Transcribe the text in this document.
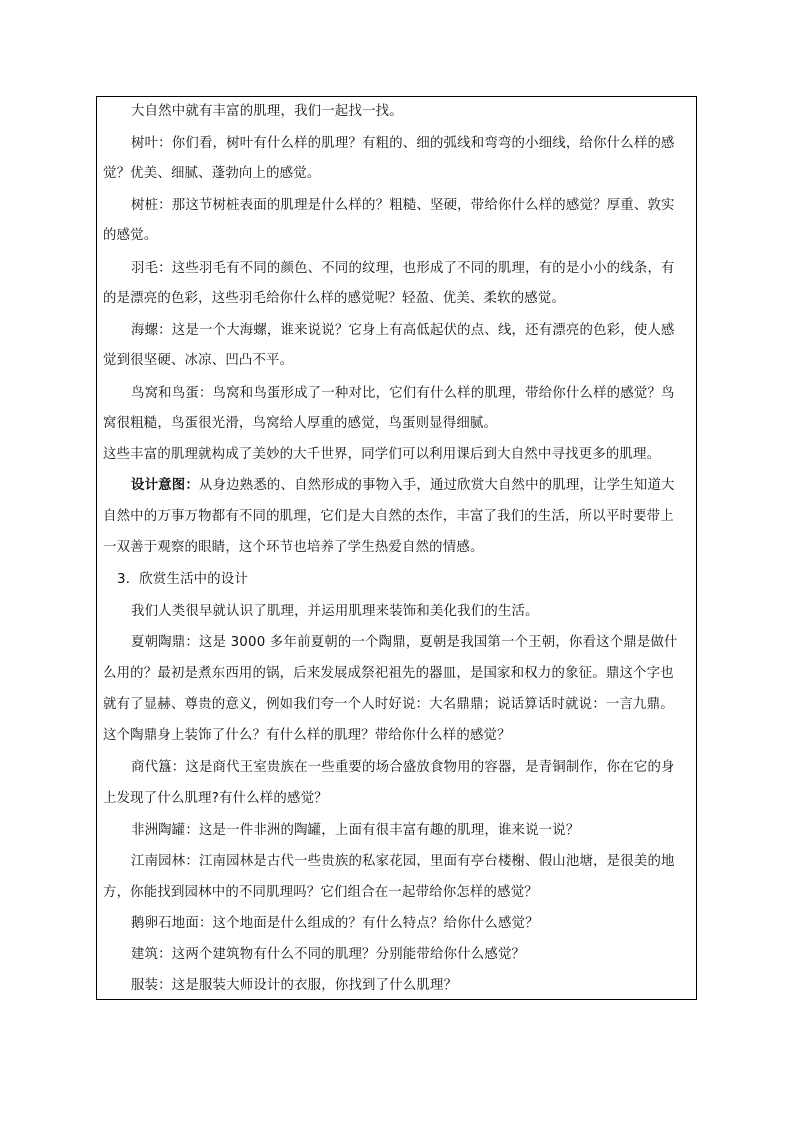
大自然中就有丰富的肌理，我们一起找一找。
树叶：你们看，树叶有什么样的肌理？有粗的、细的弧线和弯弯的小细线，给你什么样的感
觉？优美、细腻、蓬勃向上的感觉。
树桩：那这节树桩表面的肌理是什么样的？粗糙、坚硬，带给你什么样的感觉？厚重、敦实
的感觉。
羽毛：这些羽毛有不同的颜色、不同的纹理，也形成了不同的肌理，有的是小小的线条，有
的是漂亮的色彩，这些羽毛给你什么样的感觉呢？轻盈、优美、柔软的感觉。
海螺：这是一个大海螺，谁来说说？它身上有高低起伏的点、线，还有漂亮的色彩，使人感
觉到很坚硬、冰凉、凹凸不平。
鸟窝和鸟蛋：鸟窝和鸟蛋形成了一种对比，它们有什么样的肌理，带给你什么样的感觉？鸟
窝很粗糙，鸟蛋很光滑，鸟窝给人厚重的感觉，鸟蛋则显得细腻。
这些丰富的肌理就构成了美妙的大千世界，同学们可以利用课后到大自然中寻找更多的肌理。
设计意图：从身边熟悉的、自然形成的事物入手，通过欣赏大自然中的肌理，让学生知道大
自然中的万事万物都有不同的肌理，它们是大自然的杰作，丰富了我们的生活，所以平时要带上
一双善于观察的眼睛，这个环节也培养了学生热爱自然的情感。
3．欣赏生活中的设计
我们人类很早就认识了肌理，并运用肌理来装饰和美化我们的生活。
夏朝陶鼎：这是 3000 多年前夏朝的一个陶鼎，夏朝是我国第一个王朝，你看这个鼎是做什
么用的？最初是煮东西用的锅，后来发展成祭祀祖先的器皿，是国家和权力的象征。鼎这个字也
就有了显赫、尊贵的意义，例如我们夸一个人时好说：大名鼎鼎；说话算话时就说：一言九鼎。
这个陶鼎身上装饰了什么？有什么样的肌理？带给你什么样的感觉？
商代簋：这是商代王室贵族在一些重要的场合盛放食物用的容器，是青铜制作，你在它的身
上发现了什么肌理?有什么样的感觉？
非洲陶罐：这是一件非洲的陶罐，上面有很丰富有趣的肌理，谁来说一说？
江南园林：江南园林是古代一些贵族的私家花园，里面有亭台楼榭、假山池塘，是很美的地
方，你能找到园林中的不同肌理吗？它们组合在一起带给你怎样的感觉？
鹅卵石地面：这个地面是什么组成的？有什么特点？给你什么感觉？
建筑：这两个建筑物有什么不同的肌理？分别能带给你什么感觉？
服装：这是服装大师设计的衣服，你找到了什么肌理？
